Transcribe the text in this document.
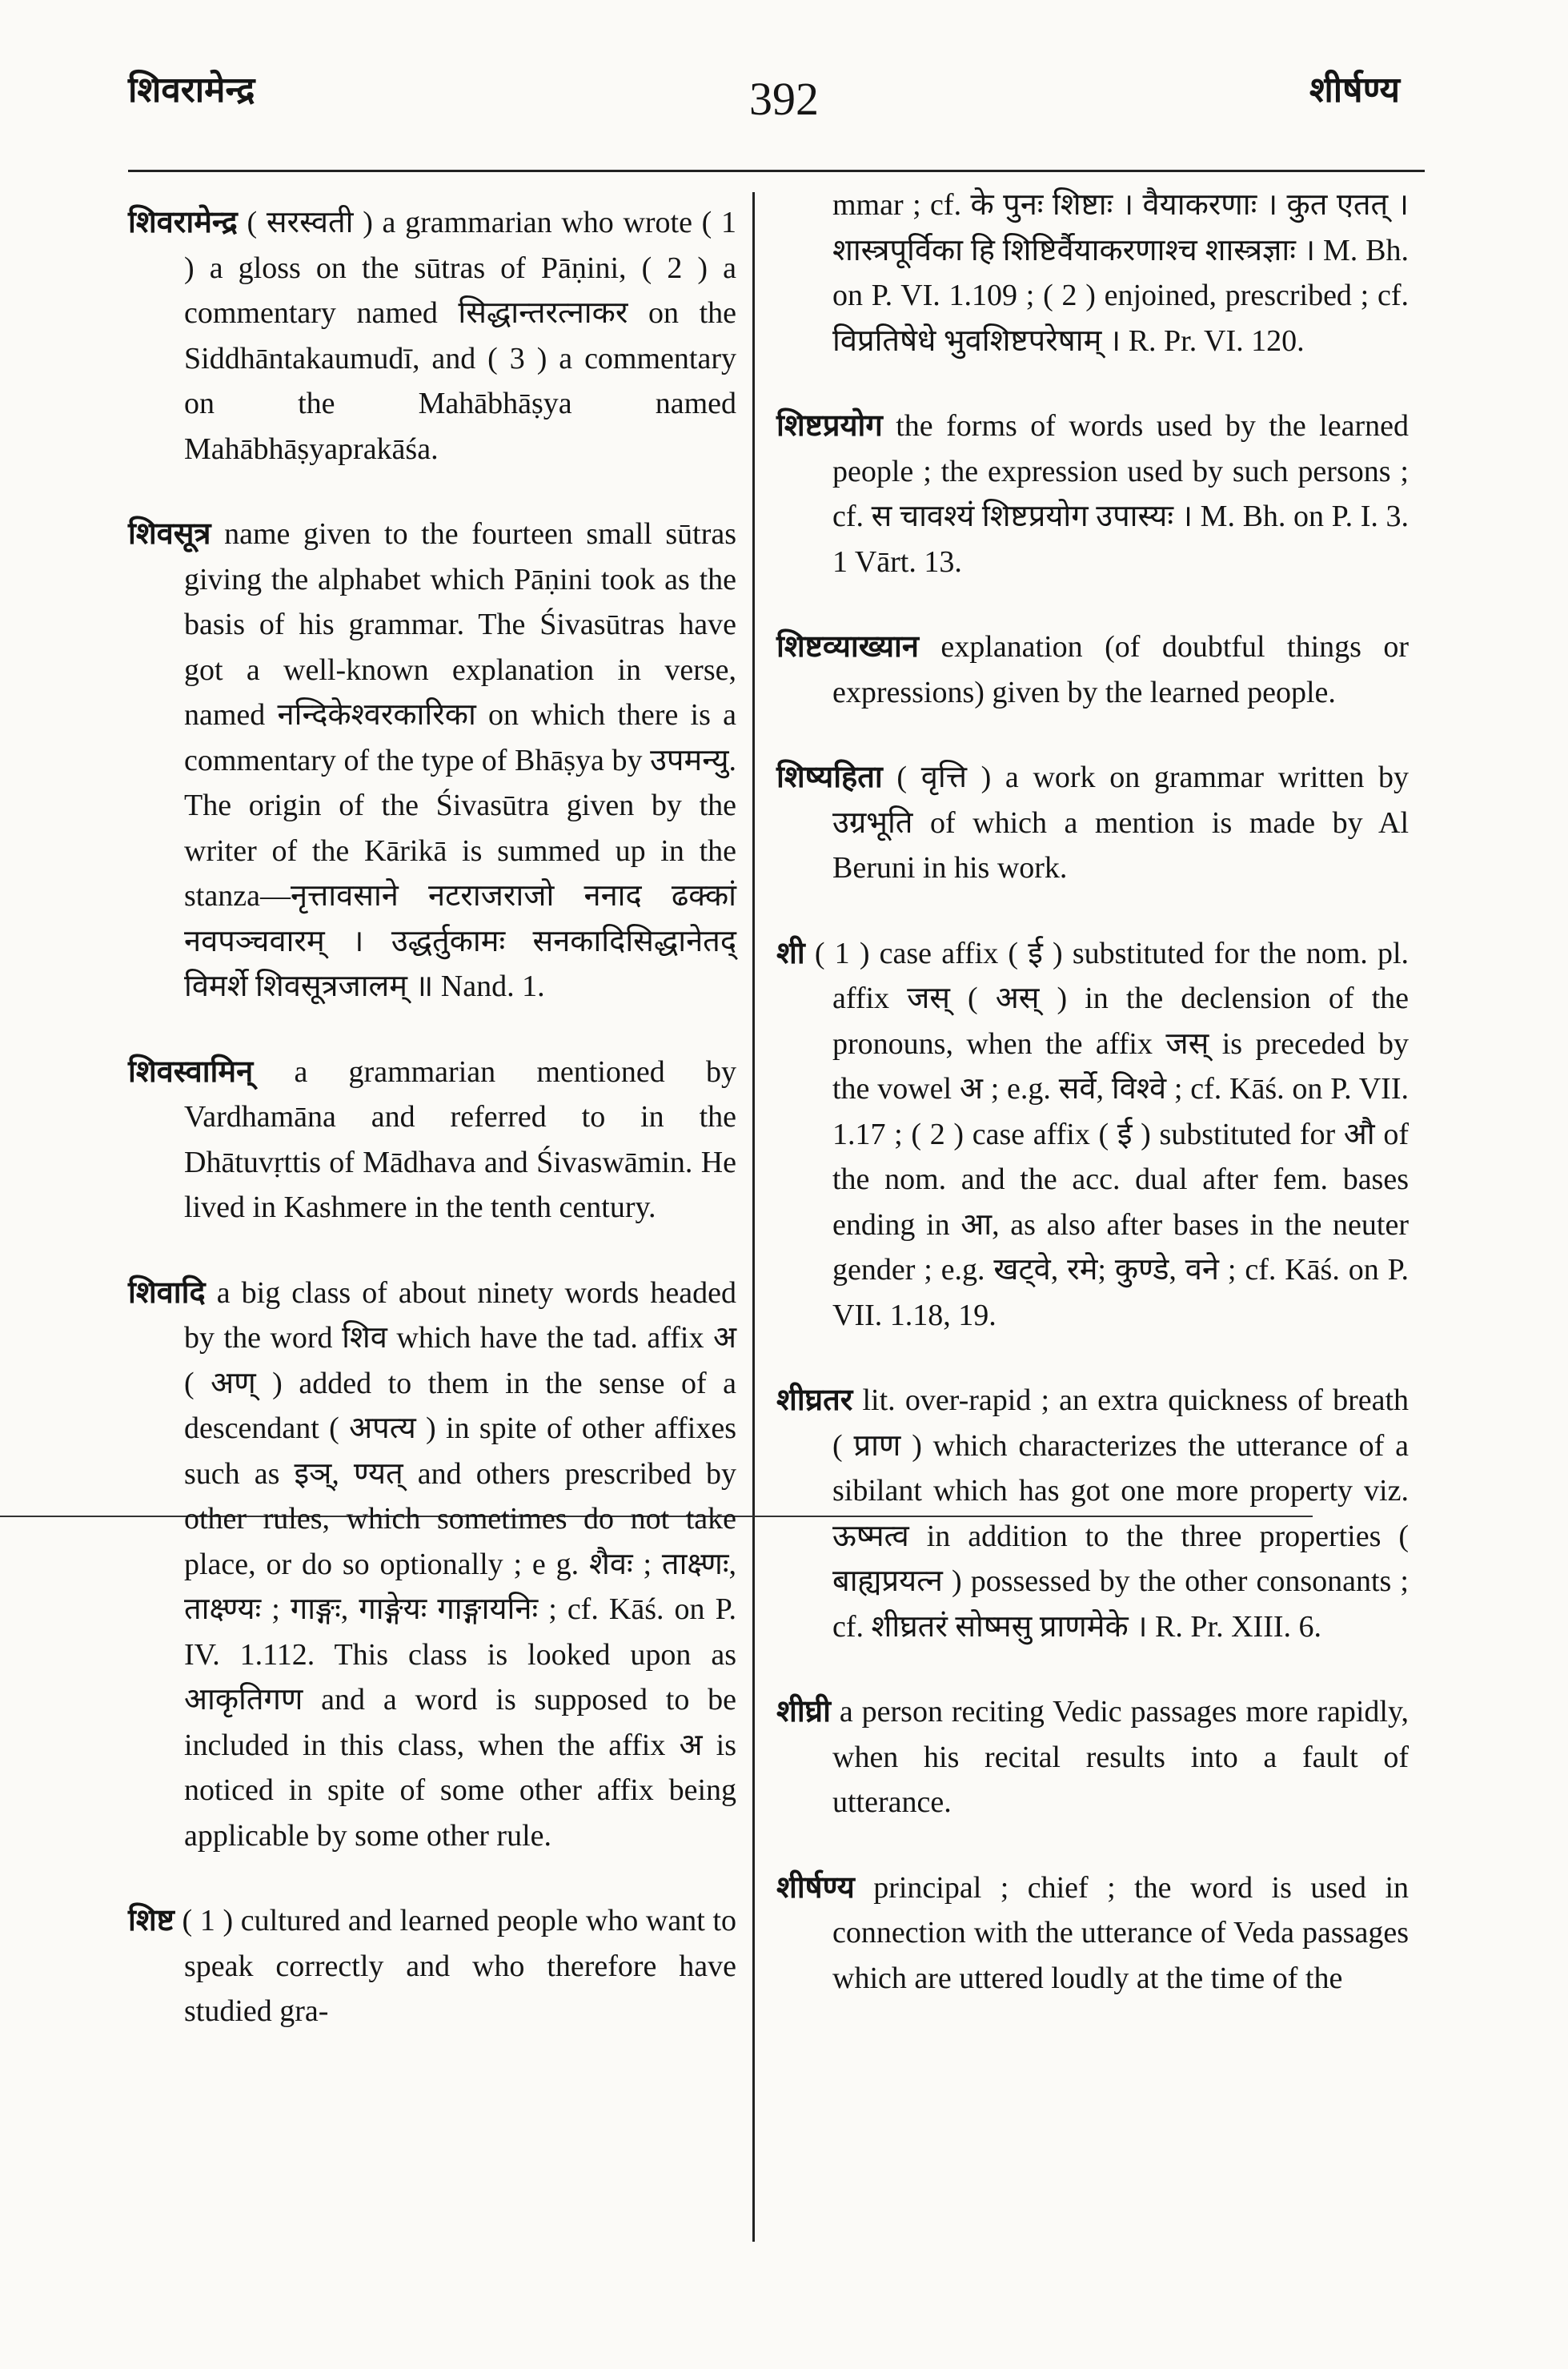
शिवरामेन्द्र	392	शीर्षण्य

शिवरामेन्द्र ( सरस्वती ) a grammarian who wrote ( 1 ) a gloss on the sūtras of Pāṇini, ( 2 ) a commentary named सिद्धान्तरत्नाकर on the Siddhāntakaumudī, and ( 3 ) a commentary on the Mahābhāṣya named Mahābhāṣyaprakāśa.

शिवसूत्र name given to the fourteen small sūtras giving the alphabet which Pāṇini took as the basis of his grammar. The Śivasūtras have got a well-known explanation in verse, named नन्दिकेश्वरकारिका on which there is a commentary of the type of Bhāṣya by उपमन्यु. The origin of the Śivasūtra given by the writer of the Kārikā is summed up in the stanza—नृत्तावसाने नटराजराजो ननाद ढक्कां नवपञ्चवारम् । उद्धर्तुकामः सनकादिसिद्धानेतद् विमर्शे शिवसूत्रजालम् ॥ Nand. 1.

शिवस्वामिन् a grammarian mentioned by Vardhamāna and referred to in the Dhātuvṛttis of Mādhava and Śivaswāmin. He lived in Kashmere in the tenth century.

शिवादि a big class of about ninety words headed by the word शिव which have the tad. affix अ ( अण् ) added to them in the sense of a descendant ( अपत्य ) in spite of other affixes such as इञ्, ण्यत् and others prescribed by other rules, which sometimes do not take place, or do so optionally ; e g. शैवः ; ताक्ष्णः, ताक्ष्ण्यः ; गाङ्गः, गाङ्गेयः गाङ्गायनिः ; cf. Kāś. on P. IV. 1.112. This class is looked upon as आकृतिगण and a word is supposed to be included in this class, when the affix अ is noticed in spite of some other affix being applicable by some other rule.

शिष्ट ( 1 ) cultured and learned people who want to speak correctly and who therefore have studied gra-

mmar ; cf. के पुनः शिष्टाः । वैयाकरणाः । कुत एतत् । शास्त्रपूर्विका हि शिष्टिर्वैयाकरणाश्च शास्त्रज्ञाः । M. Bh. on P. VI. 1.109 ; ( 2 ) enjoined, prescribed ; cf. विप्रतिषेधे भुवशिष्टपरेषाम् । R. Pr. VI. 120.

शिष्टप्रयोग the forms of words used by the learned people ; the expression used by such persons ; cf. स चावश्यं शिष्टप्रयोग उपास्यः । M. Bh. on P. I. 3. 1 Vārt. 13.

शिष्टव्याख्यान explanation (of doubtful things or expressions) given by the learned people.

शिष्यहिता ( वृत्ति ) a work on grammar written by उग्रभूति of which a mention is made by Al Beruni in his work.

शी ( 1 ) case affix ( ई ) substituted for the nom. pl. affix जस् ( अस् ) in the declension of the pronouns, when the affix जस् is preceded by the vowel अ ; e.g. सर्वे, विश्वे ; cf. Kāś. on P. VII. 1.17 ; ( 2 ) case affix ( ई ) substituted for औ of the nom. and the acc. dual after fem. bases ending in आ, as also after bases in the neuter gender ; e.g. खट्वे, रमे; कुण्डे, वने ; cf. Kāś. on P. VII. 1.18, 19.

शीघ्रतर lit. over-rapid ; an extra quickness of breath ( प्राण ) which characterizes the utterance of a sibilant which has got one more property viz. ऊष्मत्व in addition to the three properties ( बाह्यप्रयत्न ) possessed by the other consonants ; cf. शीघ्रतरं सोष्मसु प्राणमेके । R. Pr. XIII. 6.

शीघ्री a person reciting Vedic passages more rapidly, when his recital results into a fault of utterance.

शीर्षण्य principal ; chief ; the word is used in connection with the utterance of Veda passages which are uttered loudly at the time of the
